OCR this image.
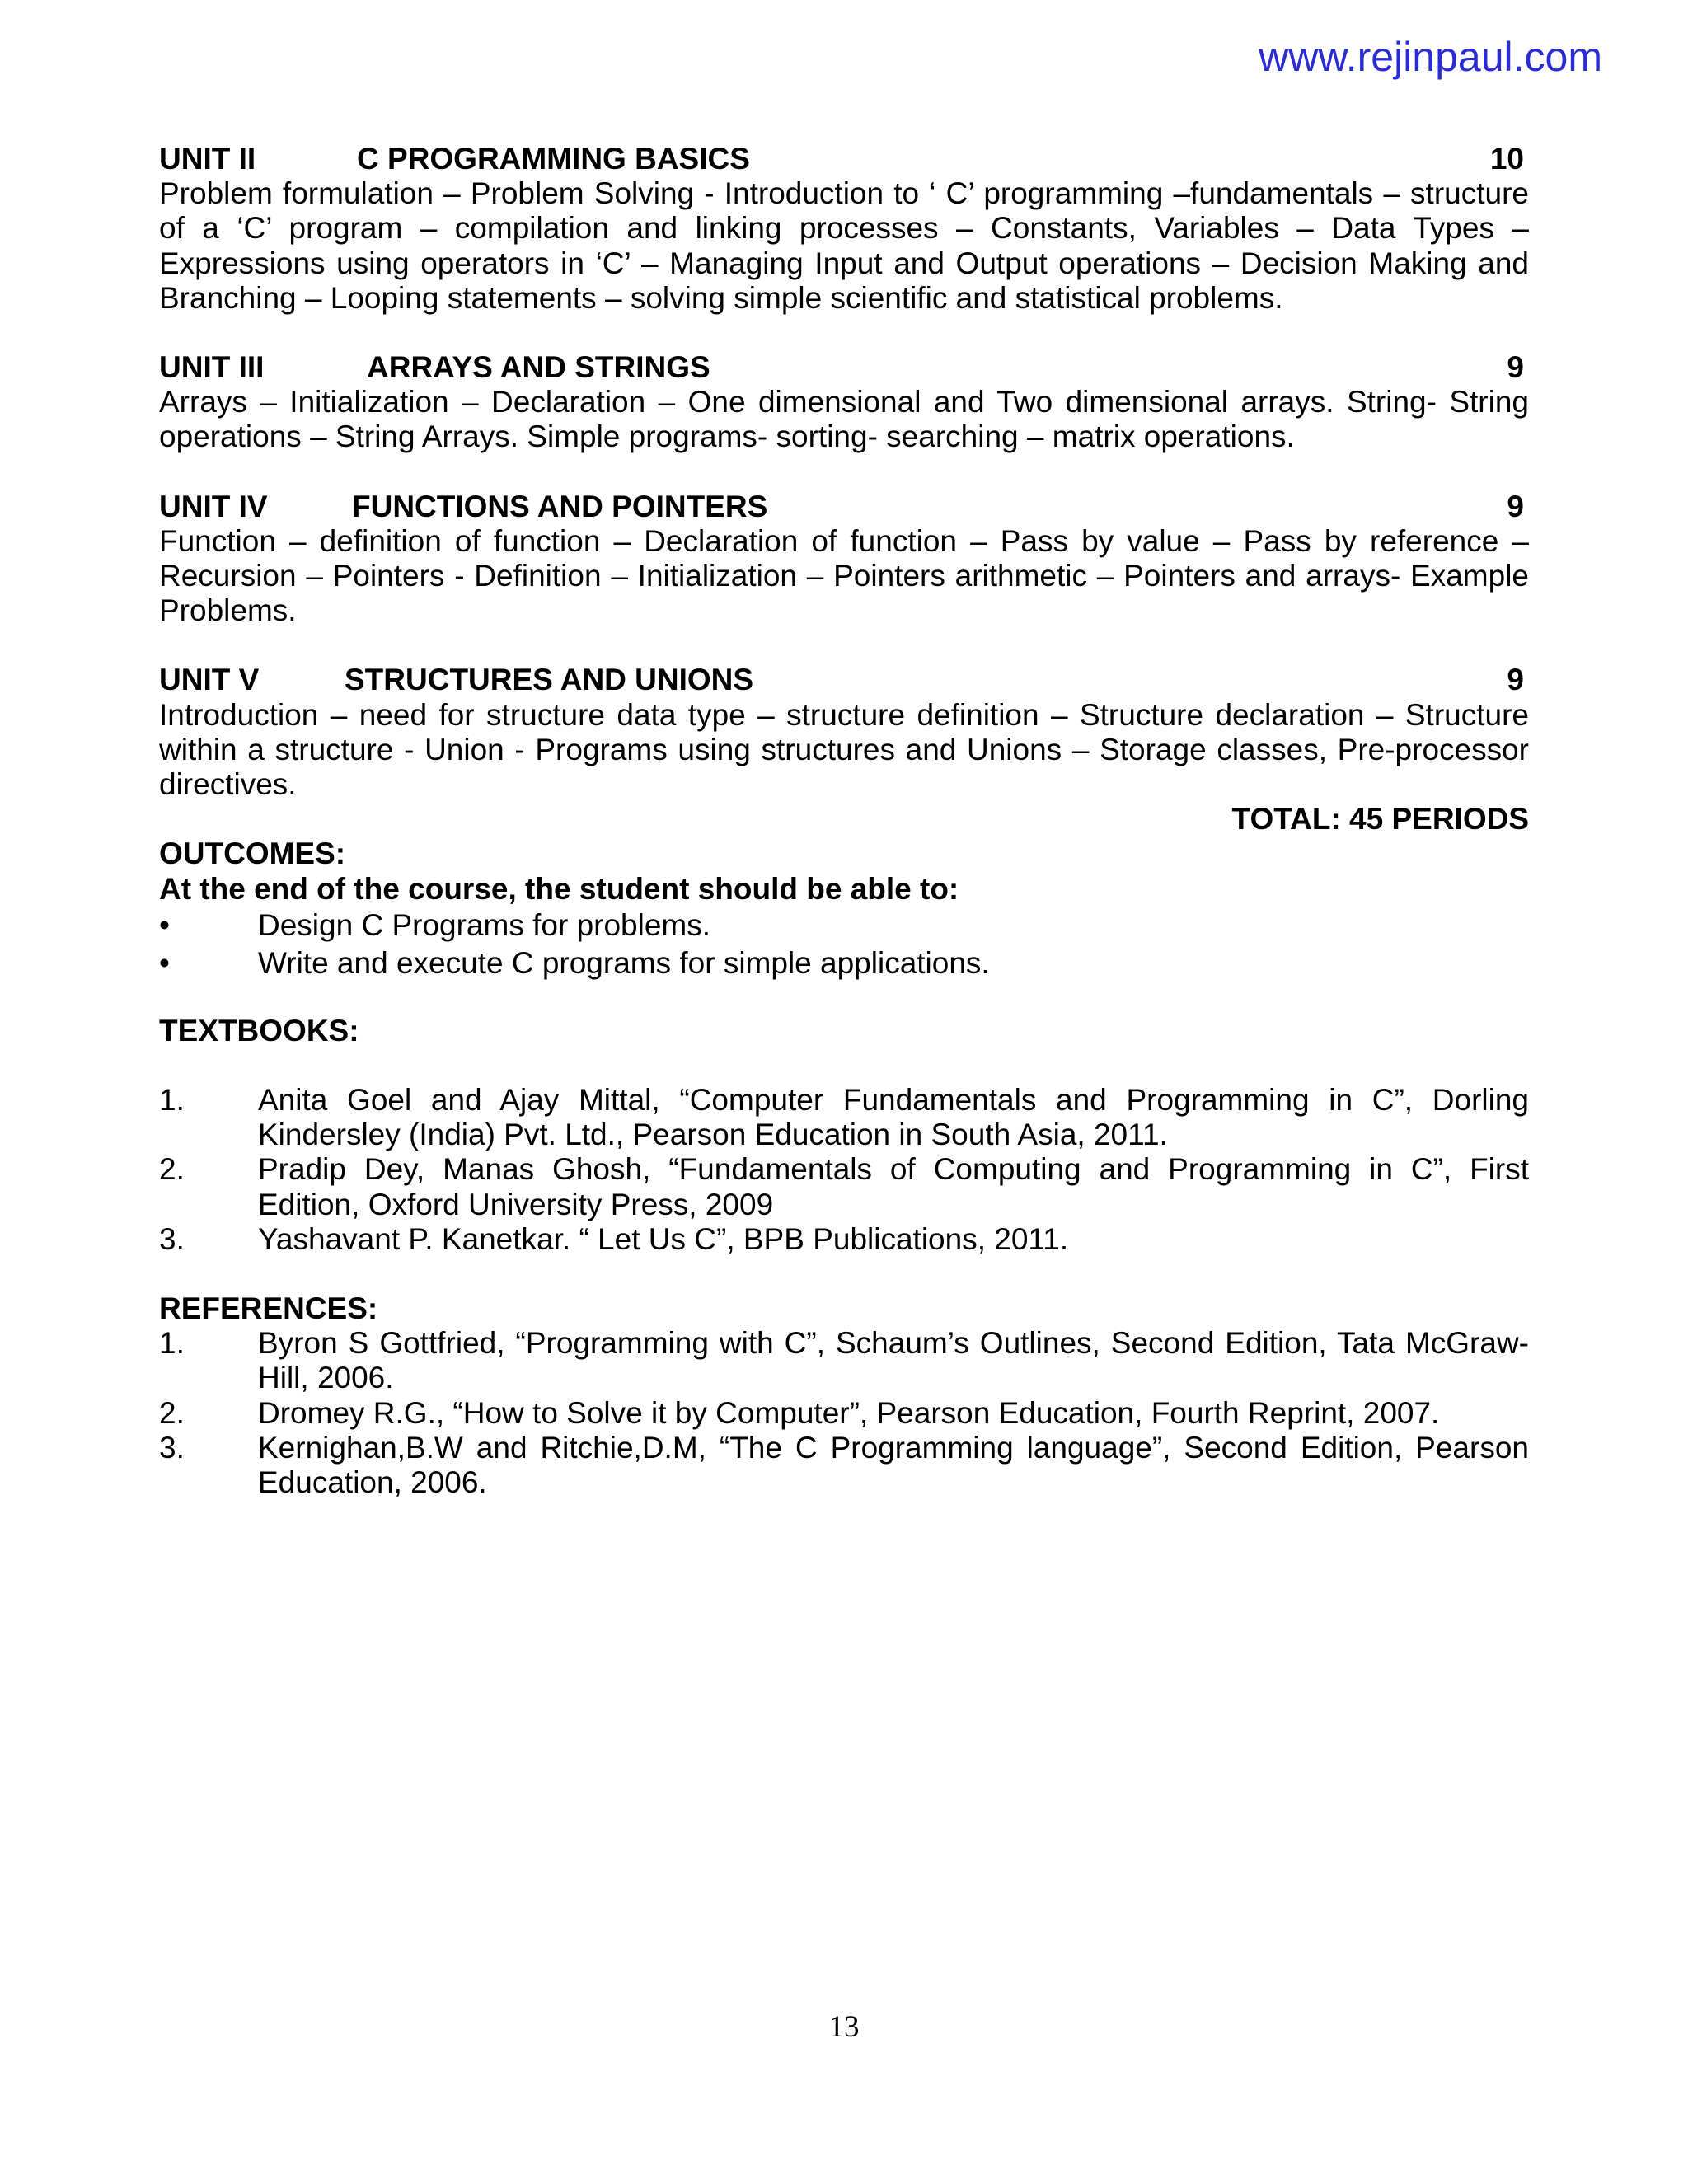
www.rejinpaul.com
UNIT II	C PROGRAMMING BASICS	10
Problem formulation – Problem Solving - Introduction to ‘ C’ programming –fundamentals – structure of a ‘C’ program – compilation and linking processes – Constants, Variables – Data Types – Expressions using operators in ‘C’ – Managing Input and Output operations – Decision Making and Branching – Looping statements – solving simple scientific and statistical problems.
UNIT III	ARRAYS AND STRINGS	9
Arrays – Initialization – Declaration – One dimensional and Two dimensional arrays. String- String operations – String Arrays. Simple programs- sorting- searching – matrix operations.
UNIT IV	FUNCTIONS AND POINTERS	9
Function – definition of function – Declaration of function – Pass by value – Pass by reference – Recursion – Pointers - Definition – Initialization – Pointers arithmetic – Pointers and arrays- Example Problems.
UNIT V	STRUCTURES AND UNIONS	9
Introduction – need for structure data type – structure definition – Structure declaration – Structure within a structure - Union - Programs using structures and Unions – Storage classes, Pre-processor directives.
TOTAL: 45 PERIODS
OUTCOMES:
At the end of the course, the student should be able to:
•	Design C Programs for problems.
•	Write and execute C programs for simple applications.
TEXTBOOKS:
1.	Anita Goel and Ajay Mittal, “Computer Fundamentals and Programming in C”, Dorling Kindersley (India) Pvt. Ltd., Pearson Education in South Asia, 2011.
2.	Pradip Dey, Manas Ghosh, “Fundamentals of Computing and Programming in C”, First Edition, Oxford University Press, 2009
3.	Yashavant P. Kanetkar. “ Let Us C”, BPB Publications, 2011.
REFERENCES:
1.	Byron S Gottfried, “Programming with C”, Schaum’s Outlines, Second Edition, Tata McGraw-Hill, 2006.
2.	Dromey R.G., “How to Solve it by Computer”, Pearson Education, Fourth Reprint, 2007.
3.	Kernighan,B.W and Ritchie,D.M, “The C Programming language”, Second Edition, Pearson Education, 2006.
13
